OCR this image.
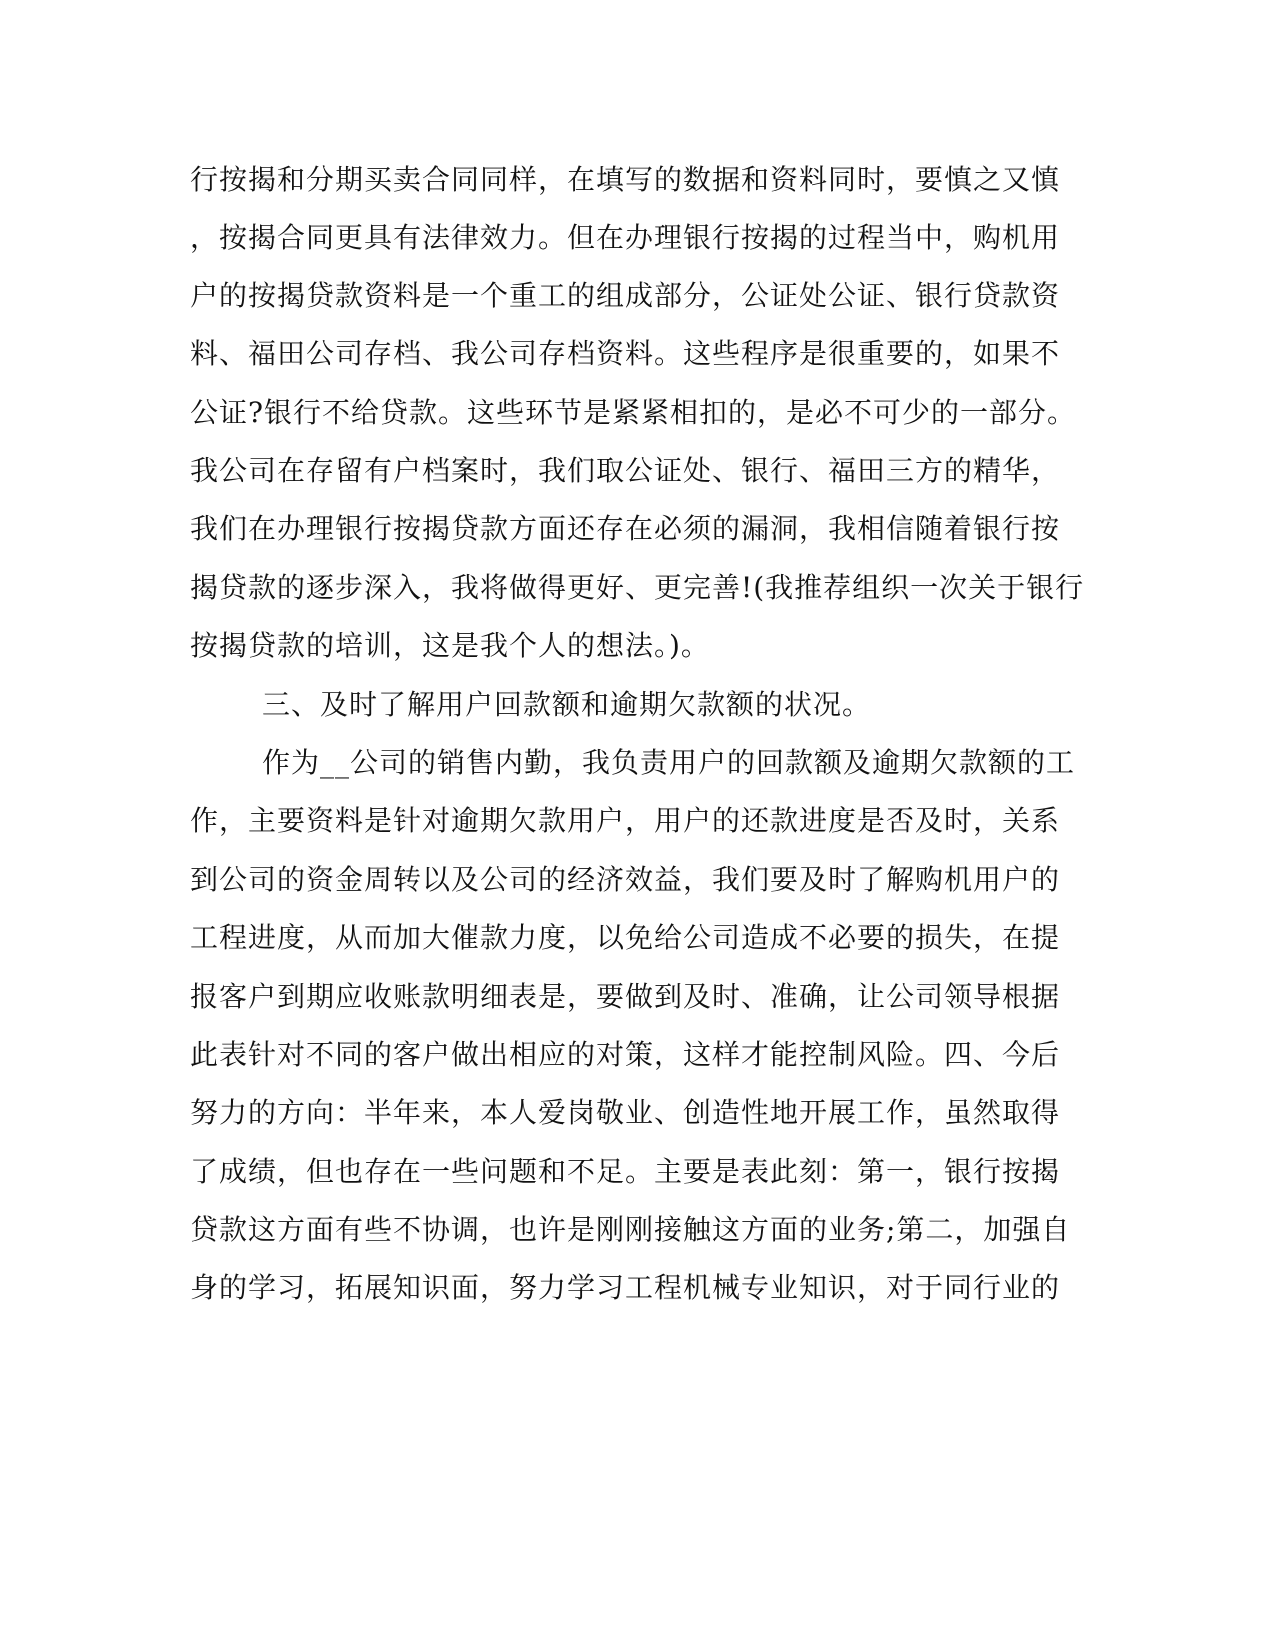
行按揭和分期买卖合同同样，在填写的数据和资料同时，要慎之又慎
，按揭合同更具有法律效力。但在办理银行按揭的过程当中，购机用
户的按揭贷款资料是一个重工的组成部分，公证处公证、银行贷款资
料、福田公司存档、我公司存档资料。这些程序是很重要的，如果不
公证?银行不给贷款。这些环节是紧紧相扣的，是必不可少的一部分。
我公司在存留有户档案时，我们取公证处、银行、福田三方的精华，
我们在办理银行按揭贷款方面还存在必须的漏洞，我相信随着银行按
揭贷款的逐步深入，我将做得更好、更完善!(我推荐组织一次关于银行
按揭贷款的培训，这是我个人的想法。)。
三、及时了解用户回款额和逾期欠款额的状况。
作为__公司的销售内勤，我负责用户的回款额及逾期欠款额的工
作，主要资料是针对逾期欠款用户，用户的还款进度是否及时，关系
到公司的资金周转以及公司的经济效益，我们要及时了解购机用户的
工程进度，从而加大催款力度，以免给公司造成不必要的损失，在提
报客户到期应收账款明细表是，要做到及时、准确，让公司领导根据
此表针对不同的客户做出相应的对策，这样才能控制风险。四、今后
努力的方向：半年来，本人爱岗敬业、创造性地开展工作，虽然取得
了成绩，但也存在一些问题和不足。主要是表此刻：第一，银行按揭
贷款这方面有些不协调，也许是刚刚接触这方面的业务;第二，加强自
身的学习，拓展知识面，努力学习工程机械专业知识，对于同行业的
